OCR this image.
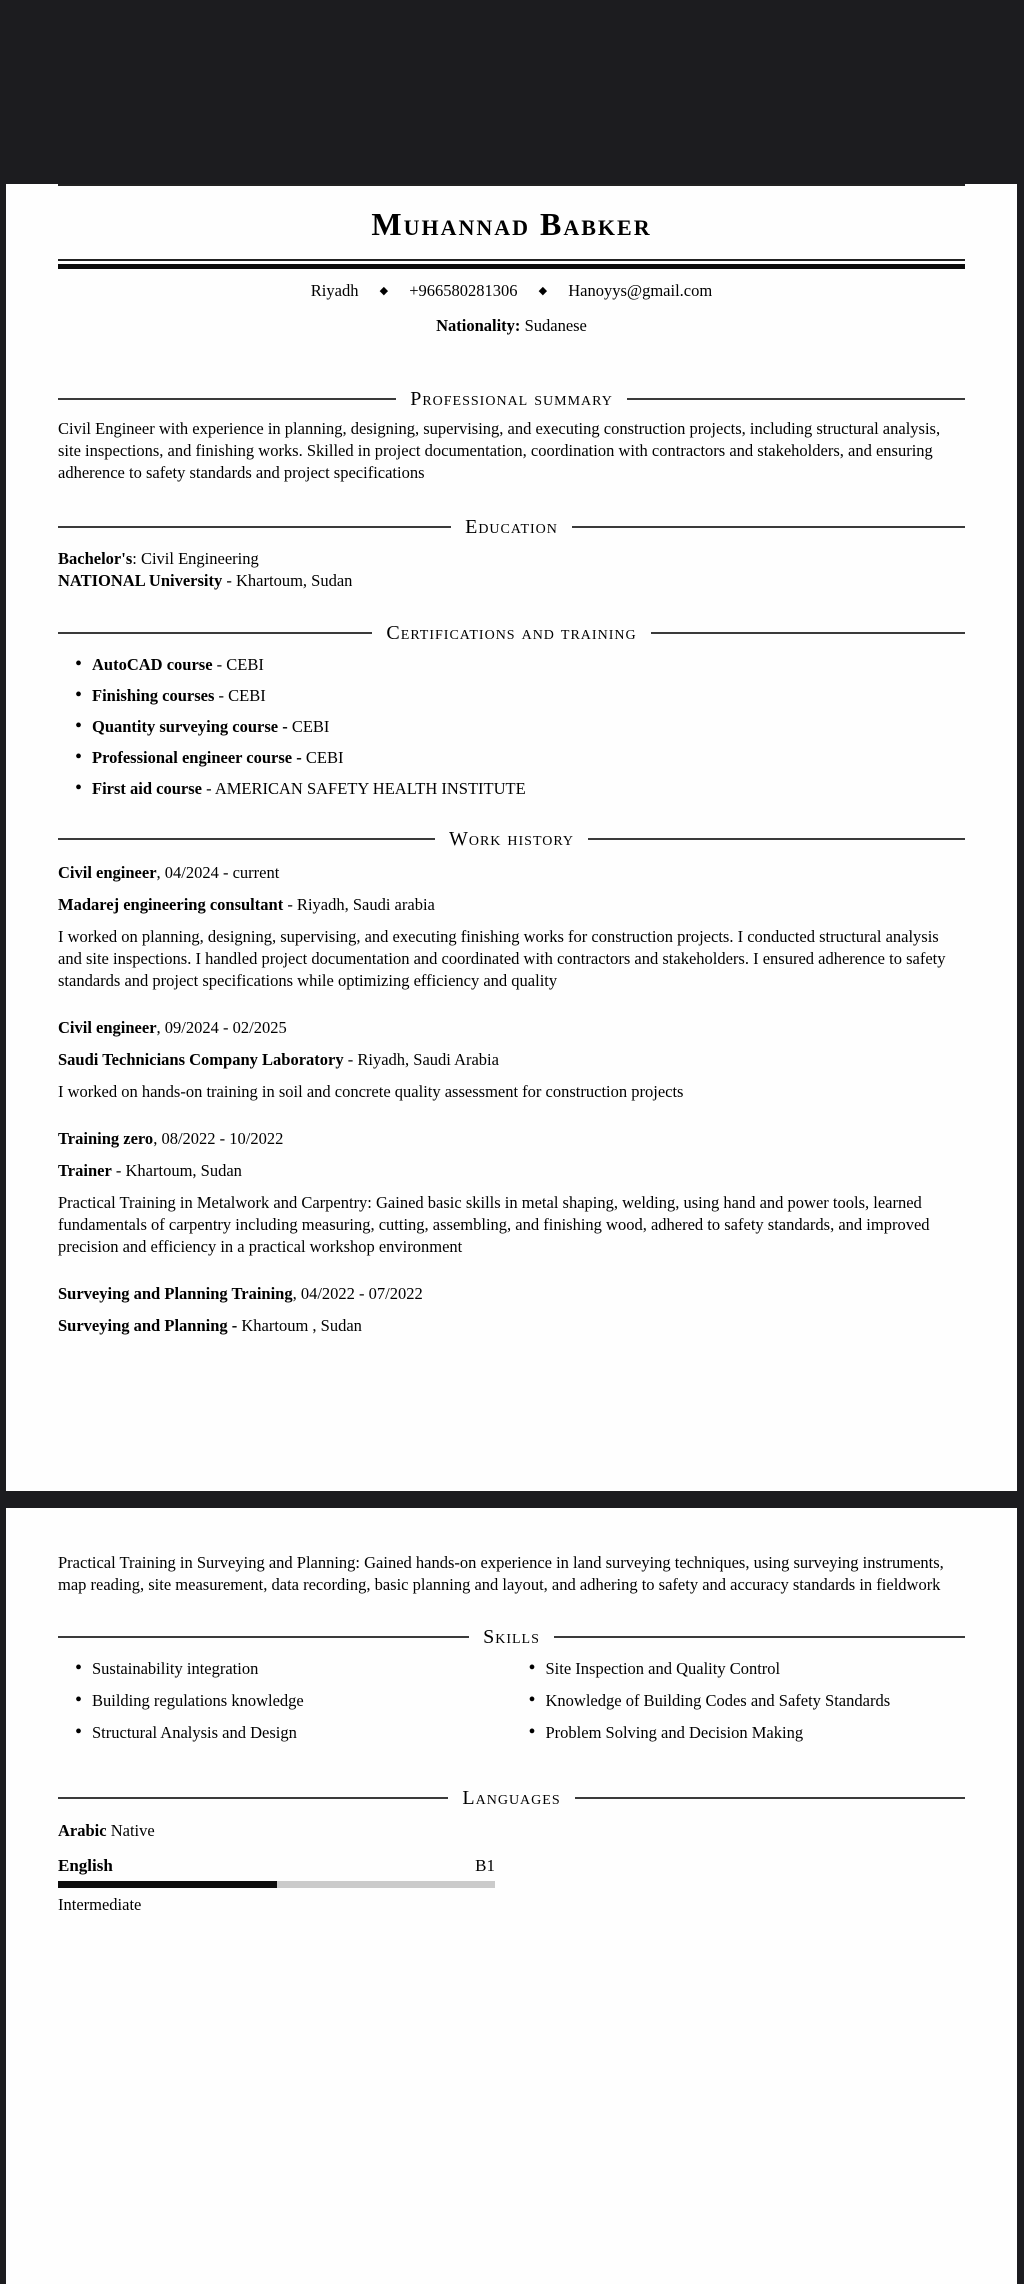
Muhannad Babker
Riyadh ◆ +966580281306 ◆ Hanoyys@gmail.com
Nationality: Sudanese
Professional summary

Civil Engineer with experience in planning, designing, supervising, and executing construction projects, including structural analysis, site inspections, and finishing works. Skilled in project documentation, coordination with contractors and stakeholders, and ensuring adherence to safety standards and project specifications

Education

Bachelor's: Civil Engineering

NATIONAL University - Khartoum, Sudan

Certifications and training
• AutoCAD course - CEBI
• Finishing courses - CEBI
• Quantity surveying course - CEBI
• Professional engineer course - CEBI
• First aid course - AMERICAN SAFETY HEALTH INSTITUTE
Work history

Civil engineer, 04/2024 - current

Madarej engineering consultant - Riyadh, Saudi arabia

I worked on planning, designing, supervising, and executing finishing works for construction projects. I conducted structural analysis and site inspections. I handled project documentation and coordinated with contractors and stakeholders. I ensured adherence to safety standards and project specifications while optimizing efficiency and quality

Civil engineer, 09/2024 - 02/2025

Saudi Technicians Company Laboratory - Riyadh, Saudi Arabia

I worked on hands-on training in soil and concrete quality assessment for construction projects

Training zero, 08/2022 - 10/2022

Trainer - Khartoum, Sudan

Practical Training in Metalwork and Carpentry: Gained basic skills in metal shaping, welding, using hand and power tools, learned fundamentals of carpentry including measuring, cutting, assembling, and finishing wood, adhered to safety standards, and improved precision and efficiency in a practical workshop environment

Surveying and Planning Training, 04/2022 - 07/2022

Surveying and Planning - Khartoum , Sudan

Practical Training in Surveying and Planning: Gained hands-on experience in land surveying techniques, using surveying instruments, map reading, site measurement, data recording, basic planning and layout, and adhering to safety and accuracy standards in fieldwork

Skills
• Sustainability integration
• Building regulations knowledge
• Structural Analysis and Design
• Site Inspection and Quality Control
• Knowledge of Building Codes and Safety Standards
• Problem Solving and Decision Making
Languages
Arabic Native
English	B1
Intermediate
